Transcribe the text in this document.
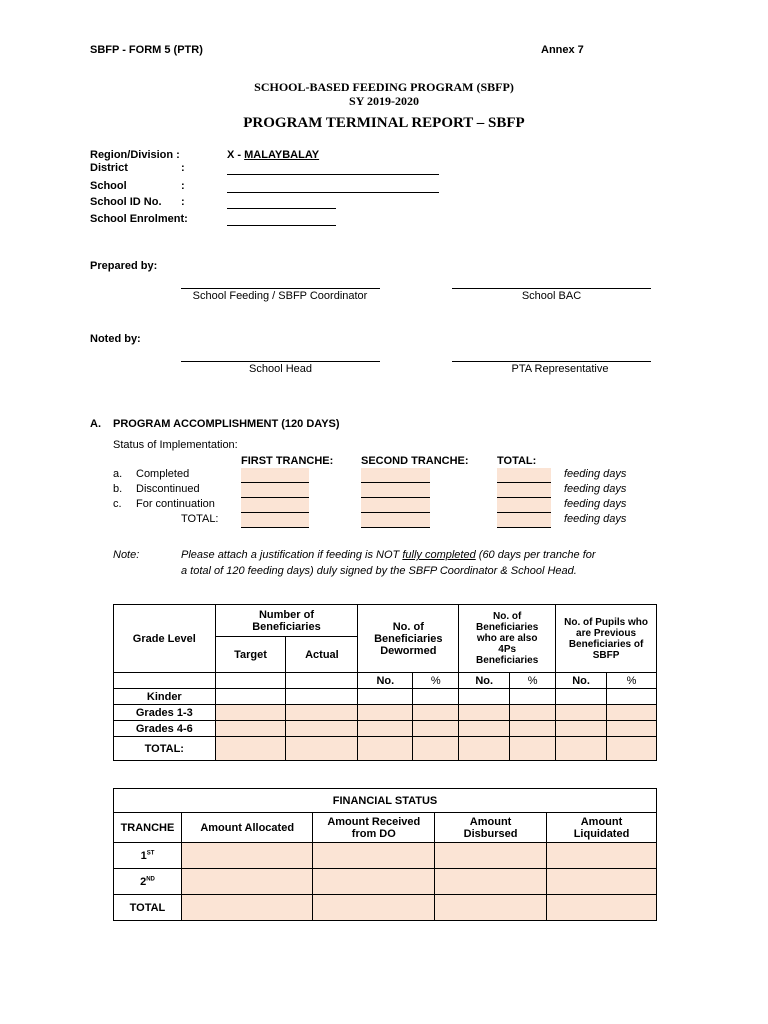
SBFP - FORM 5 (PTR)	Annex 7
SCHOOL-BASED FEEDING PROGRAM (SBFP)
SY 2019-2020
PROGRAM TERMINAL REPORT – SBFP
Region/Division :	X - MALAYBALAY
District	:
School	:
School ID No. :
School Enrolment:
Prepared by:
School Feeding / SBFP Coordinator	School BAC
Noted by:
School Head	PTA Representative
A. PROGRAM ACCOMPLISHMENT (120 DAYS)
Status of Implementation:
FIRST TRANCHE:	SECOND TRANCHE:	TOTAL:
a. Completed	feeding days
b. Discontinued	feeding days
c. For continuation	feeding days
TOTAL:	feeding days
Note:	Please attach a justification if feeding is NOT fully completed (60 days per tranche for
a total of 120 feeding days) duly signed by the SBFP Coordinator & School Head.
Grade Level	Number of Beneficiaries		No. of Beneficiaries Dewormed		No. of Beneficiaries who are also 4Ps Beneficiaries		No. of Pupils who are Previous Beneficiaries of SBFP	
	Target	Actual						
			No.	%	No.	%	No.	%
Kinder								
Grades 1-3								
Grades 4-6								
TOTAL:								
FINANCIAL STATUS				
TRANCHE	Amount Allocated	Amount Received from DO	Amount Disbursed	Amount Liquidated
1ST				
2ND				
TOTAL				
